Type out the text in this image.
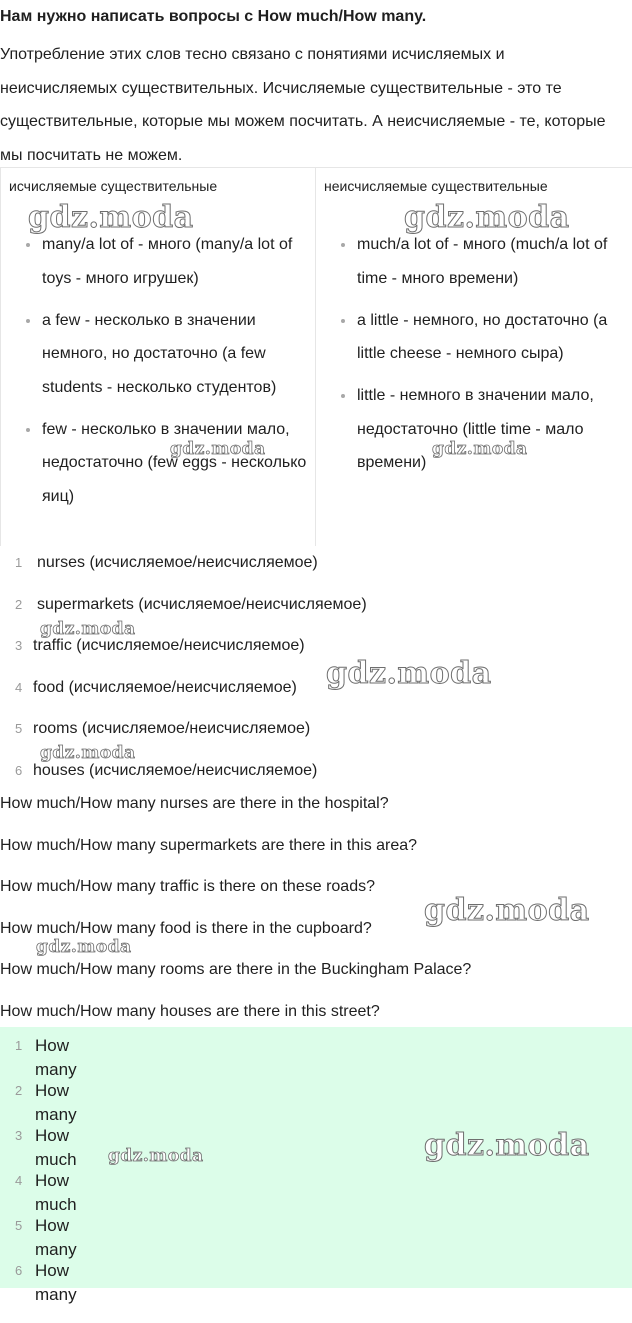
Нам нужно написать вопросы с How much/How many.
Употребление этих слов тесно связано с понятиями исчисляемых и неисчисляемых существительных. Исчисляемые существительные - это те существительные, которые мы можем посчитать. А неисчисляемые - те, которые мы посчитать не можем.
исчисляемые существительные
many/a lot of - много (many/a lot of toys - много игрушек)
a few - несколько в значении немного, но достаточно (a few students - несколько студентов)
few - несколько в значении мало, недостаточно (few eggs - несколько яиц)
неисчисляемые существительные
much/a lot of - много (much/a lot of time - много времени)
a little - немного, но достаточно (a little cheese - немного сыра)
little - немного в значении мало, недостаточно (little time - мало времени)
1 nurses (исчисляемое/неисчисляемое)
2 supermarkets (исчисляемое/неисчисляемое)
3 traffic (исчисляемое/неисчисляемое)
4 food (исчисляемое/неисчисляемое)
5 rooms (исчисляемое/неисчисляемое)
6 houses (исчисляемое/неисчисляемое)
How much/How many nurses are there in the hospital?
How much/How many supermarkets are there in this area?
How much/How many traffic is there on these roads?
How much/How many food is there in the cupboard?
How much/How many rooms are there in the Buckingham Palace?
How much/How many houses are there in this street?
1 How many
2 How many
3 How much
4 How much
5 How many
6 How many
gdz.moda	gdz.moda
gdz.moda	gdz.moda
gdz.moda
gdz.moda
gdz.moda
gdz.moda
gdz.moda
gdz.moda	gdz.moda
